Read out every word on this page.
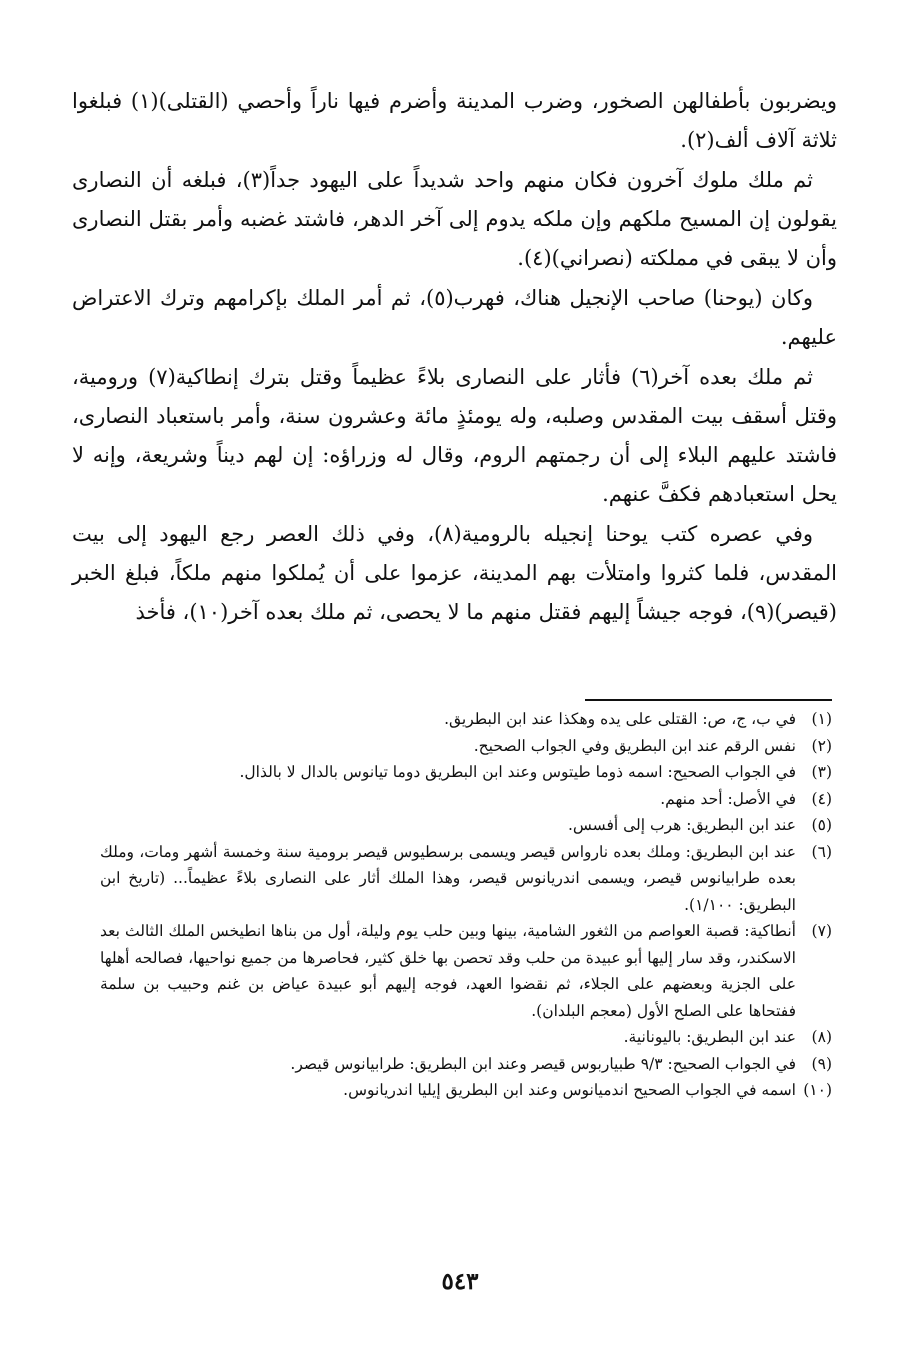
ويضربون بأطفالهن الصخور، وضرب المدينة وأضرم فيها ناراً وأحصي (القتلى)(١) فبلغوا ثلاثة آلاف ألف(٢).

ثم ملك ملوك آخرون فكان منهم واحد شديداً على اليهود جداً(٣)، فبلغه أن النصارى يقولون إن المسيح ملكهم وإن ملكه يدوم إلى آخر الدهر، فاشتد غضبه وأمر بقتل النصارى وأن لا يبقى في مملكته (نصراني)(٤).

وكان (يوحنا) صاحب الإنجيل هناك، فهرب(٥)، ثم أمر الملك بإكرامهم وترك الاعتراض عليهم.

ثم ملك بعده آخر(٦) فأثار على النصارى بلاءً عظيماً وقتل بترك إنطاكية(٧) ورومية، وقتل أسقف بيت المقدس وصلبه، وله يومئذٍ مائة وعشرون سنة، وأمر باستعباد النصارى، فاشتد عليهم البلاء إلى أن رجمتهم الروم، وقال له وزراؤه: إن لهم ديناً وشريعة، وإنه لا يحل استعبادهم فكفَّ عنهم.

وفي عصره كتب يوحنا إنجيله بالرومية(٨)، وفي ذلك العصر رجع اليهود إلى بيت المقدس، فلما كثروا وامتلأت بهم المدينة، عزموا على أن يُملكوا منهم ملكاً، فبلغ الخبر (قيصر)(٩)، فوجه جيشاً إليهم فقتل منهم ما لا يحصى، ثم ملك بعده آخر(١٠)، فأخذ

(١)
في ب، ج، ص: القتلى على يده وهكذا عند ابن البطريق.
(٢)
نفس الرقم عند ابن البطريق وفي الجواب الصحيح.
(٣)
في الجواب الصحيح: اسمه ذوما طيتوس وعند ابن البطريق دوما تيانوس بالدال لا بالذال.
(٤)
في الأصل: أحد منهم.
(٥)
عند ابن البطريق: هرب إلى أفسس.
(٦)
عند ابن البطريق: وملك بعده نارواس قيصر ويسمى برسطيوس قيصر برومية سنة وخمسة أشهر ومات، وملك بعده طرابيانوس قيصر، ويسمى اندريانوس قيصر، وهذا الملك أثار على النصارى بلاءً عظيماً... (تاريخ ابن البطريق: ١/١٠٠).
(٧)
أنطاكية: قصبة العواصم من الثغور الشامية، بينها وبين حلب يوم وليلة، أول من بناها انطيخس الملك الثالث بعد الاسكندر، وقد سار إليها أبو عبيدة من حلب وقد تحصن بها خلق كثير، فحاصرها من جميع نواحيها، فصالحه أهلها على الجزية وبعضهم على الجلاء، ثم نقضوا العهد، فوجه إليهم أبو عبيدة عياض بن غنم وحبيب بن سلمة ففتحاها على الصلح الأول (معجم البلدان).
(٨)
عند ابن البطريق: باليونانية.
(٩)
في الجواب الصحيح: ٩/٣ طبياربوس قيصر وعند ابن البطريق: طرابيانوس قيصر.
(١٠)
اسمه في الجواب الصحيح اندميانوس وعند ابن البطريق إيليا اندريانوس.
٥٤٣
